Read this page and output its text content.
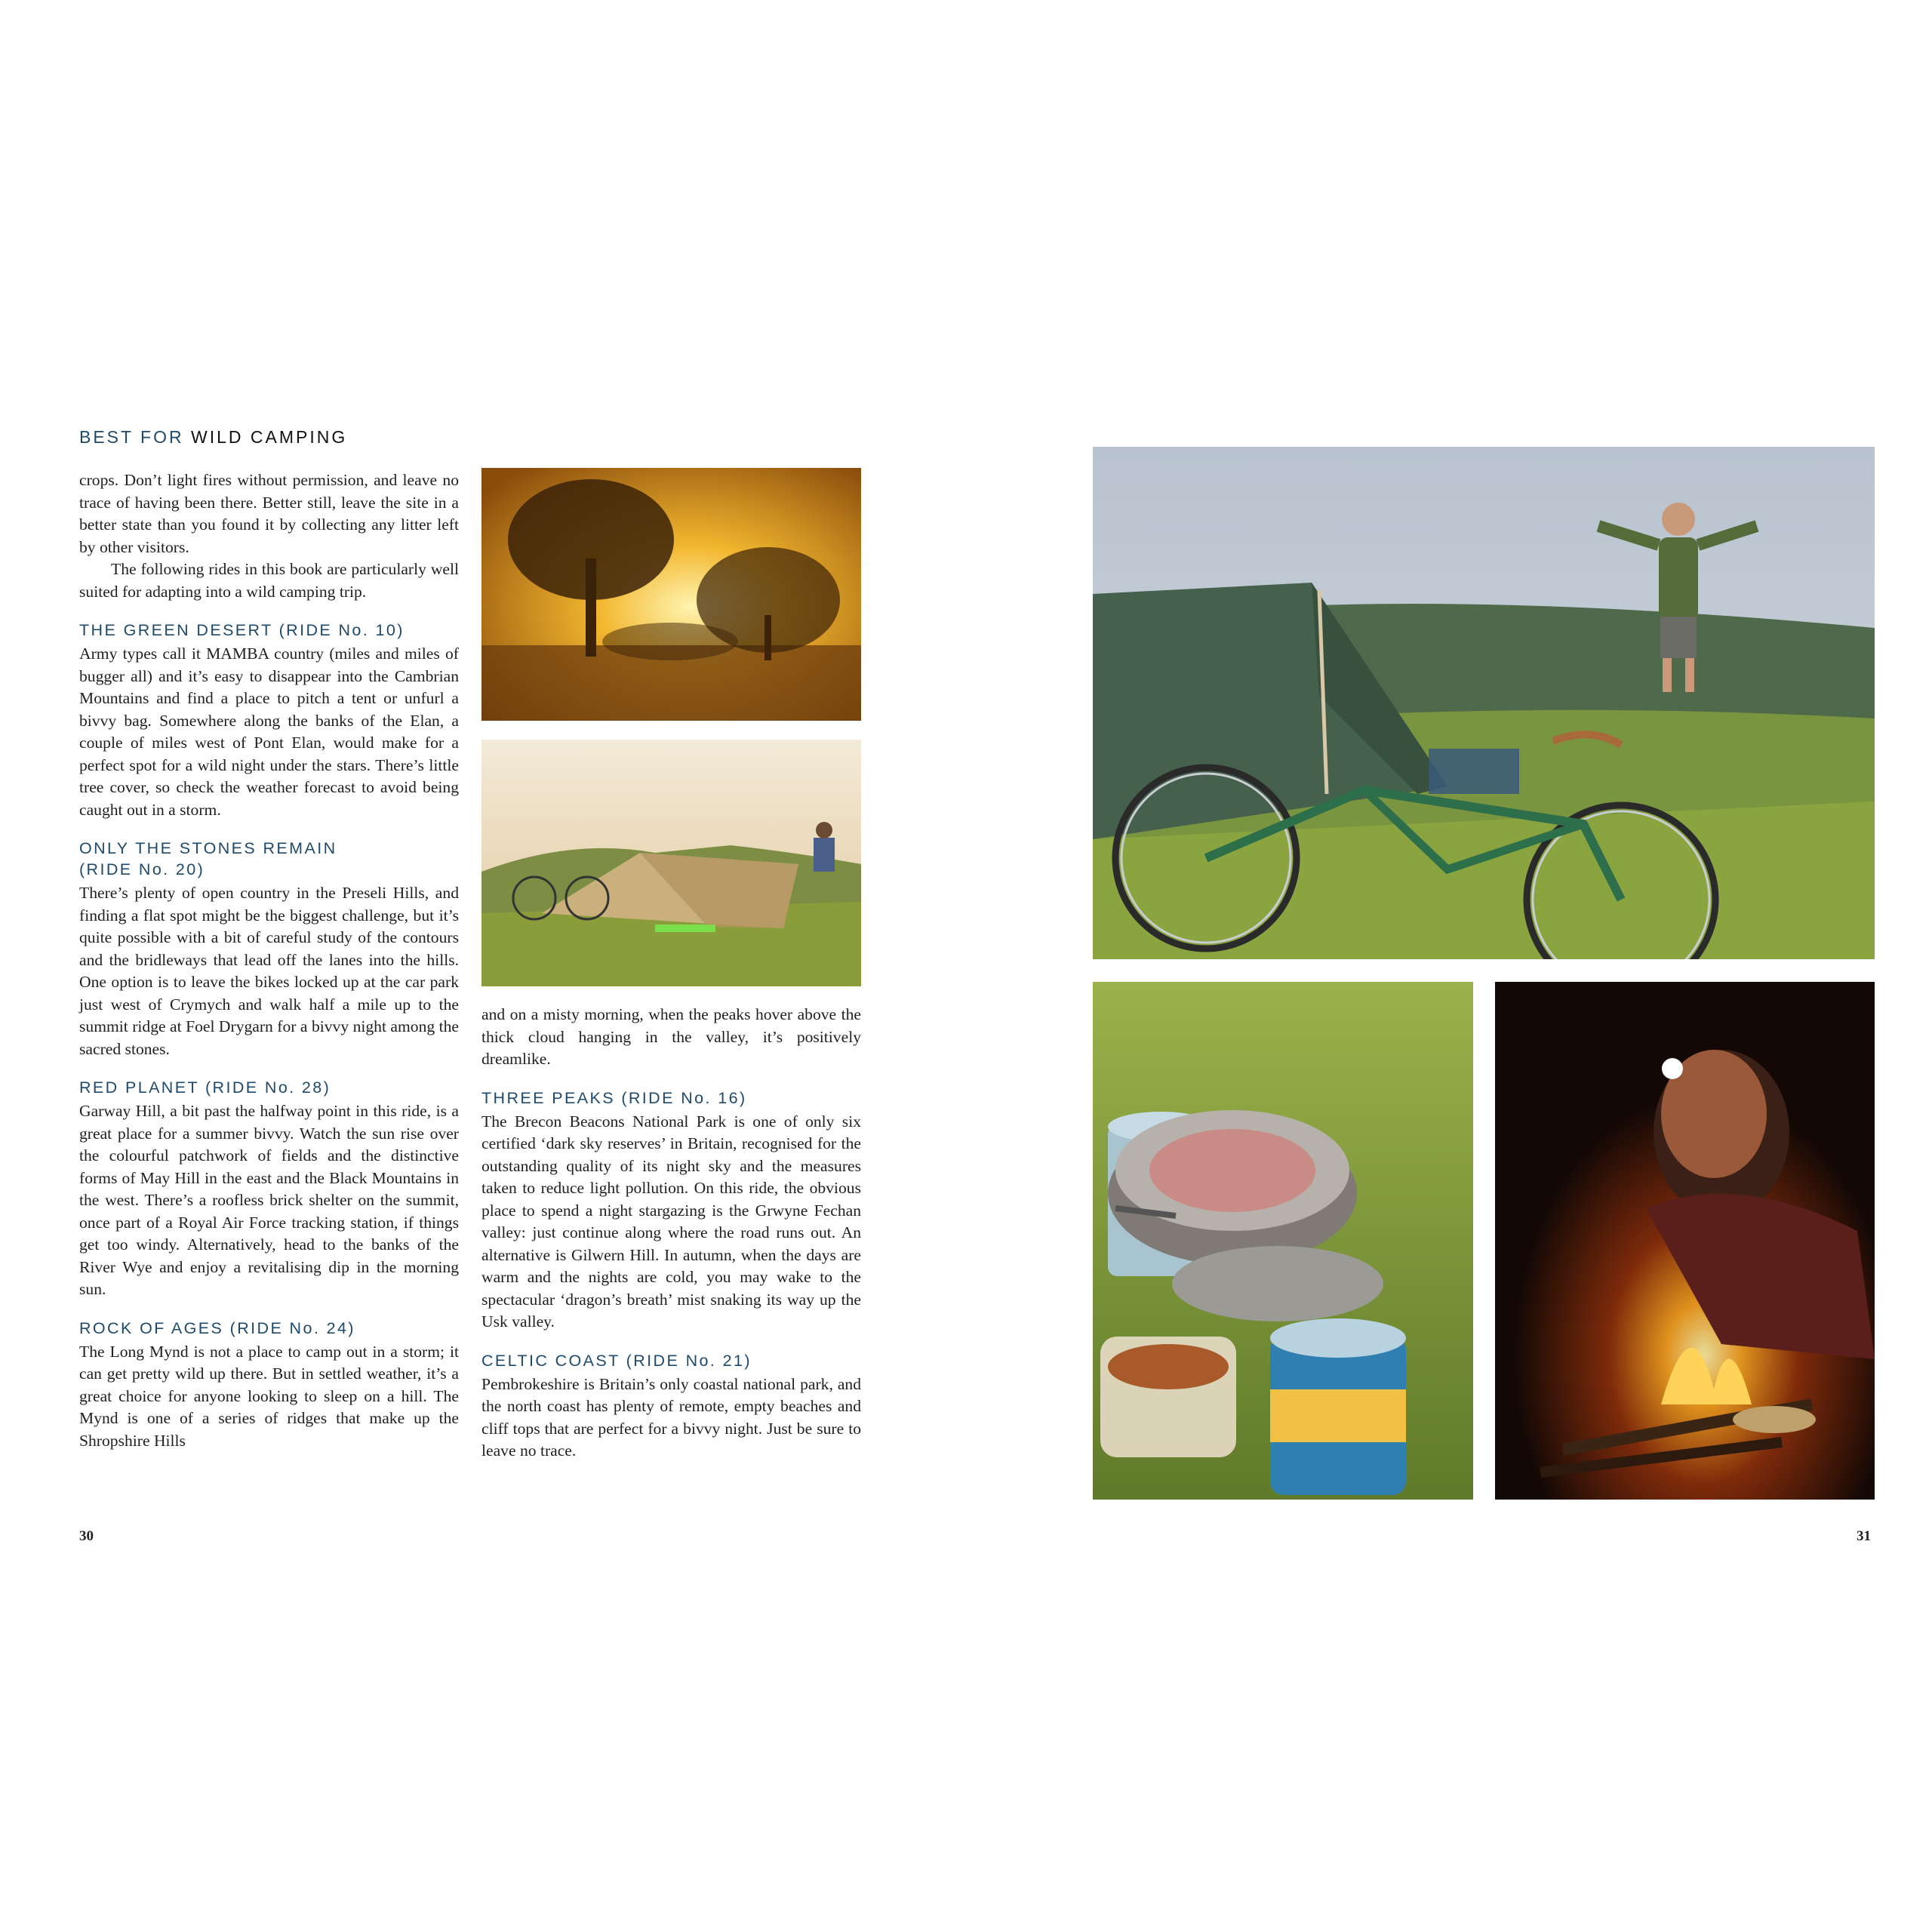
BEST FOR WILD CAMPING

crops. Don’t light fires without permission, and leave no trace of having been there. Better still, leave the site in a better state than you found it by collecting any litter left by other visitors.

The following rides in this book are particularly well suited for adapting into a wild camping trip.

THE GREEN DESERT (RIDE No. 10)

Army types call it MAMBA country (miles and miles of bugger all) and it’s easy to disappear into the Cambrian Mountains and find a place to pitch a tent or unfurl a bivvy bag. Somewhere along the banks of the Elan, a couple of miles west of Pont Elan, would make for a perfect spot for a wild night under the stars. There’s little tree cover, so check the weather forecast to avoid being caught out in a storm.

ONLY THE STONES REMAIN (RIDE No. 20)

There’s plenty of open country in the Preseli Hills, and finding a flat spot might be the biggest challenge, but it’s quite possible with a bit of careful study of the contours and the bridleways that lead off the lanes into the hills. One option is to leave the bikes locked up at the car park just west of Crymych and walk half a mile up to the summit ridge at Foel Drygarn for a bivvy night among the sacred stones.

RED PLANET (RIDE No. 28)

Garway Hill, a bit past the halfway point in this ride, is a great place for a summer bivvy. Watch the sun rise over the colourful patchwork of fields and the distinctive forms of May Hill in the east and the Black Mountains in the west. There’s a roofless brick shelter on the summit, once part of a Royal Air Force tracking station, if things get too windy. Alternatively, head to the banks of the River Wye and enjoy a revitalising dip in the morning sun.

ROCK OF AGES (RIDE No. 24)

The Long Mynd is not a place to camp out in a storm; it can get pretty wild up there. But in settled weather, it’s a great choice for anyone looking to sleep on a hill. The Mynd is one of a series of ridges that make up the Shropshire Hills

and on a misty morning, when the peaks hover above the thick cloud hanging in the valley, it’s positively dreamlike.

THREE PEAKS (RIDE No. 16)

The Brecon Beacons National Park is one of only six certified ‘dark sky reserves’ in Britain, recognised for the outstanding quality of its night sky and the measures taken to reduce light pollution. On this ride, the obvious place to spend a night stargazing is the Grwyne Fechan valley: just continue along where the road runs out. An alternative is Gilwern Hill. In autumn, when the days are warm and the nights are cold, you may wake to the spectacular ‘dragon’s breath’ mist snaking its way up the Usk valley.

CELTIC COAST (RIDE No. 21)

Pembrokeshire is Britain’s only coastal national park, and the north coast has plenty of remote, empty beaches and cliff tops that are perfect for a bivvy night. Just be sure to leave no trace.

30	31
